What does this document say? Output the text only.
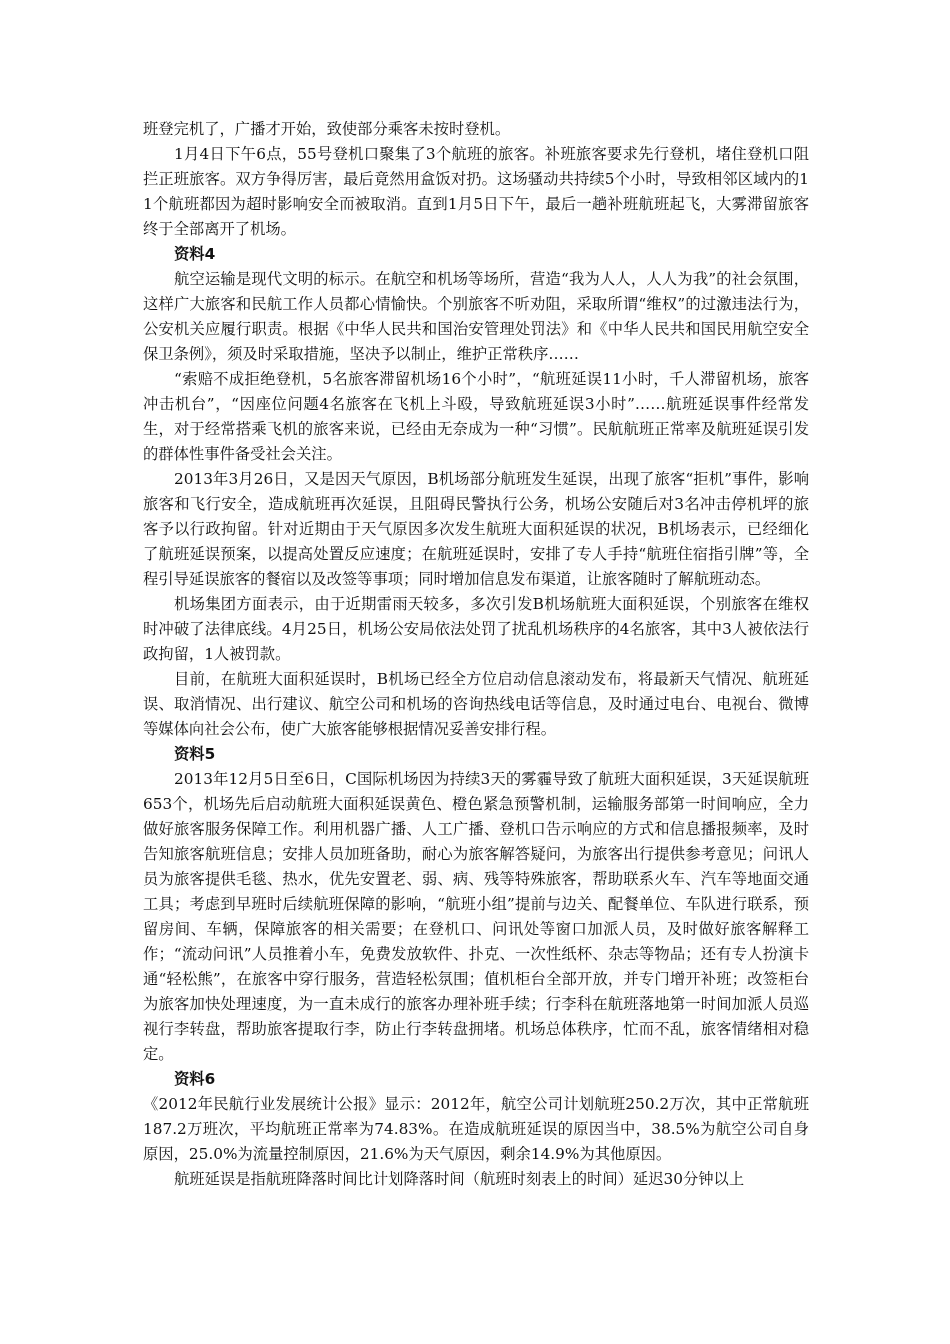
班登完机了，广播才开始，致使部分乘客未按时登机。

1月4日下午6点，55号登机口聚集了3个航班的旅客。补班旅客要求先行登机，堵住登机口阻拦正班旅客。双方争得厉害，最后竟然用盒饭对扔。这场骚动共持续5个小时，导致相邻区域内的11个航班都因为超时影响安全而被取消。直到1月5日下午，最后一趟补班航班起飞，大雾滞留旅客终于全部离开了机场。

资料4

航空运输是现代文明的标示。在航空和机场等场所，营造“我为人人，人人为我”的社会氛围，这样广大旅客和民航工作人员都心情愉快。个别旅客不听劝阻，采取所谓“维权”的过激违法行为，公安机关应履行职责。根据《中华人民共和国治安管理处罚法》和《中华人民共和国民用航空安全保卫条例》，须及时采取措施，坚决予以制止，维护正常秩序……

“索赔不成拒绝登机，5名旅客滞留机场16个小时”，“航班延误11小时，千人滞留机场，旅客冲击机台”，“因座位问题4名旅客在飞机上斗殴，导致航班延误3小时”……航班延误事件经常发生，对于经常搭乘飞机的旅客来说，已经由无奈成为一种“习惯”。民航航班正常率及航班延误引发的群体性事件备受社会关注。

2013年3月26日，又是因天气原因，B机场部分航班发生延误，出现了旅客“拒机”事件，影响旅客和飞行安全，造成航班再次延误，且阻碍民警执行公务，机场公安随后对3名冲击停机坪的旅客予以行政拘留。针对近期由于天气原因多次发生航班大面积延误的状况，B机场表示，已经细化了航班延误预案，以提高处置反应速度；在航班延误时，安排了专人手持“航班住宿指引牌”等，全程引导延误旅客的餐宿以及改签等事项；同时增加信息发布渠道，让旅客随时了解航班动态。

机场集团方面表示，由于近期雷雨天较多，多次引发B机场航班大面积延误，个别旅客在维权时冲破了法律底线。4月25日，机场公安局依法处罚了扰乱机场秩序的4名旅客，其中3人被依法行政拘留，1人被罚款。

目前，在航班大面积延误时，B机场已经全方位启动信息滚动发布，将最新天气情况、航班延误、取消情况、出行建议、航空公司和机场的咨询热线电话等信息，及时通过电台、电视台、微博等媒体向社会公布，使广大旅客能够根据情况妥善安排行程。

资料5

2013年12月5日至6日，C国际机场因为持续3天的雾霾导致了航班大面积延误，3天延误航班653个，机场先后启动航班大面积延误黄色、橙色紧急预警机制，运输服务部第一时间响应，全力做好旅客服务保障工作。利用机器广播、人工广播、登机口告示响应的方式和信息播报频率，及时告知旅客航班信息；安排人员加班备助，耐心为旅客解答疑问，为旅客出行提供参考意见；问讯人员为旅客提供毛毯、热水，优先安置老、弱、病、残等特殊旅客，帮助联系火车、汽车等地面交通工具；考虑到早班时后续航班保障的影响，“航班小组”提前与边关、配餐单位、车队进行联系，预留房间、车辆，保障旅客的相关需要；在登机口、问讯处等窗口加派人员，及时做好旅客解释工作；“流动问讯”人员推着小车，免费发放软件、扑克、一次性纸杯、杂志等物品；还有专人扮演卡通“轻松熊”，在旅客中穿行服务，营造轻松氛围；值机柜台全部开放，并专门增开补班；改签柜台为旅客加快处理速度，为一直未成行的旅客办理补班手续；行李科在航班落地第一时间加派人员巡视行李转盘，帮助旅客提取行李，防止行李转盘拥堵。机场总体秩序，忙而不乱，旅客情绪相对稳定。

资料6

《2012年民航行业发展统计公报》显示：2012年，航空公司计划航班250.2万次，其中正常航班187.2万班次，平均航班正常率为74.83%。在造成航班延误的原因当中，38.5%为航空公司自身原因，25.0%为流量控制原因，21.6%为天气原因，剩余14.9%为其他原因。

航班延误是指航班降落时间比计划降落时间（航班时刻表上的时间）延迟30分钟以上
